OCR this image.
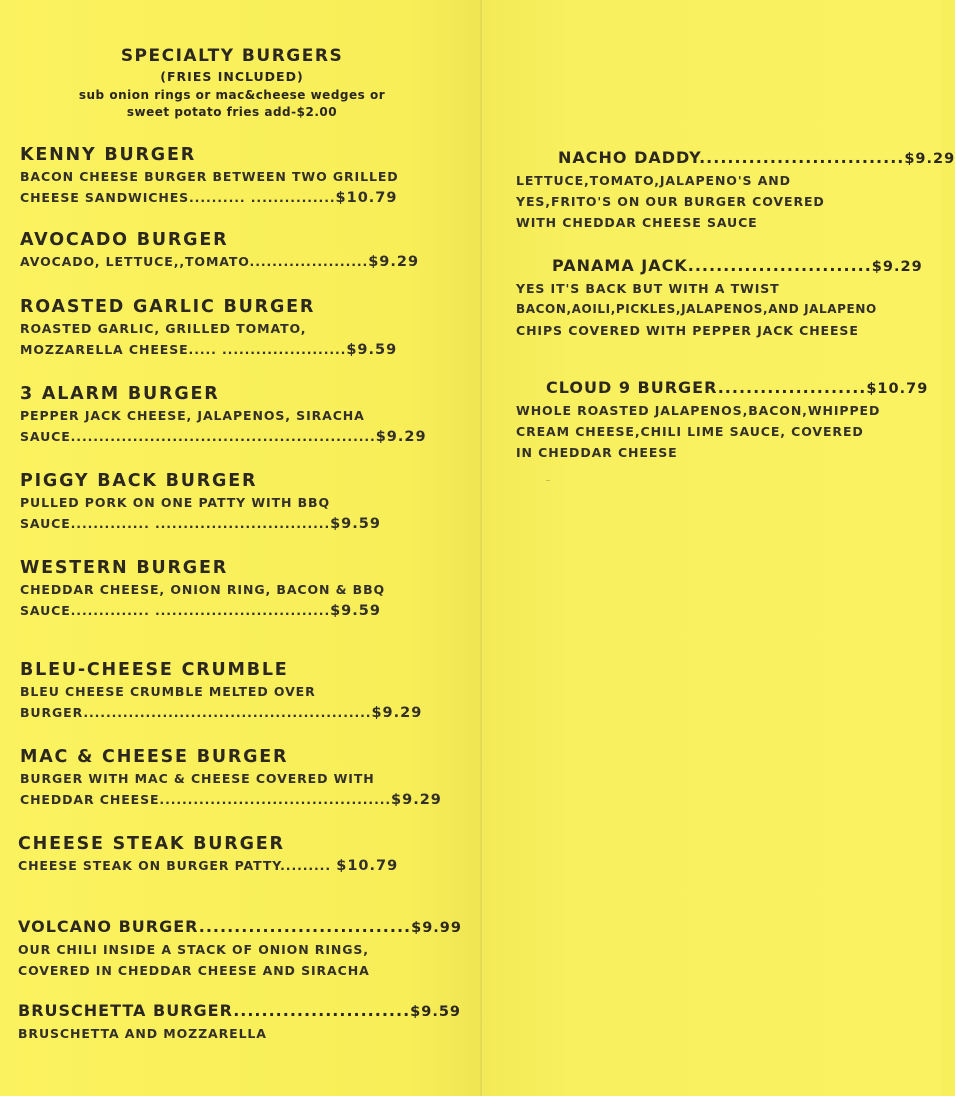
SPECIALTY BURGERS
(FRIES INCLUDED)
sub onion rings or mac&cheese wedges or
sweet potato fries add-$2.00
KENNY BURGER
BACON CHEESE BURGER BETWEEN TWO GRILLED
CHEESE SANDWICHES.......... ...............$10.79
AVOCADO BURGER
AVOCADO, LETTUCE,,TOMATO.....................$9.29
ROASTED GARLIC BURGER
ROASTED GARLIC, GRILLED TOMATO,
MOZZARELLA CHEESE..... ......................$9.59
3 ALARM BURGER
PEPPER JACK CHEESE, JALAPENOS, SIRACHA
SAUCE......................................................$9.29
PIGGY BACK BURGER
PULLED PORK ON ONE PATTY WITH BBQ
SAUCE.............. ...............................$9.59
WESTERN BURGER
CHEDDAR CHEESE, ONION RING, BACON & BBQ
SAUCE.............. ...............................$9.59
BLEU-CHEESE CRUMBLE
BLEU CHEESE CRUMBLE MELTED OVER
BURGER...................................................$9.29
MAC & CHEESE BURGER
BURGER WITH MAC & CHEESE COVERED WITH
CHEDDAR CHEESE.........................................$9.29
CHEESE STEAK BURGER
CHEESE STEAK ON BURGER PATTY......... $10.79
VOLCANO BURGER..............................$9.99
OUR CHILI INSIDE A STACK OF ONION RINGS,
COVERED IN CHEDDAR CHEESE AND SIRACHA
BRUSCHETTA BURGER.........................$9.59
BRUSCHETTA AND MOZZARELLA
NACHO DADDY.............................$9.29
LETTUCE,TOMATO,JALAPENO'S AND
YES,FRITO'S ON OUR BURGER COVERED
WITH CHEDDAR CHEESE SAUCE
PANAMA JACK..........................$9.29
YES IT'S BACK BUT WITH A TWIST
BACON,AOILI,PICKLES,JALAPENOS,AND JALAPENO
CHIPS COVERED WITH PEPPER JACK CHEESE
CLOUD 9 BURGER.....................$10.79
WHOLE ROASTED JALAPENOS,BACON,WHIPPED
CREAM CHEESE,CHILI LIME SAUCE, COVERED
IN CHEDDAR CHEESE
